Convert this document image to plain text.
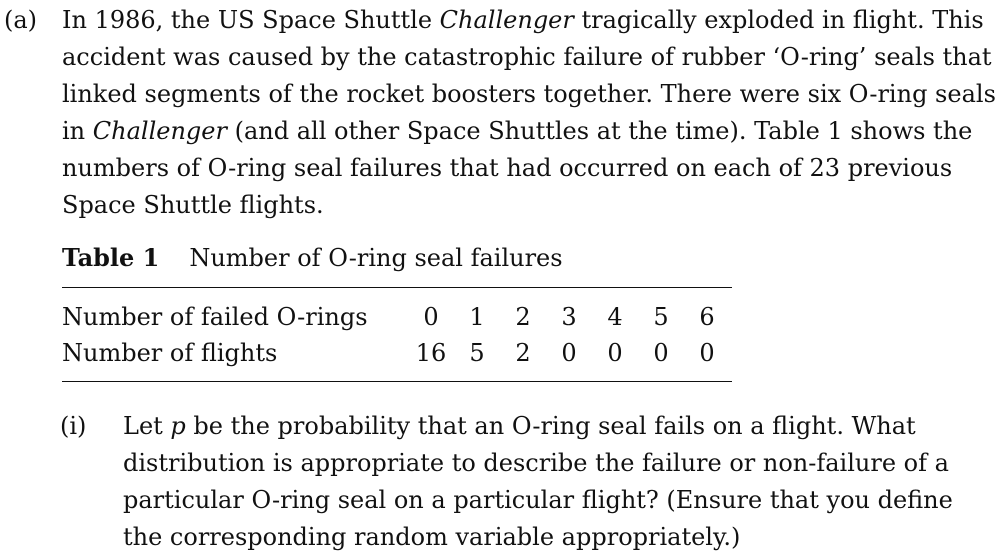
(a) In 1986, the US Space Shuttle Challenger tragically exploded in flight. This accident was caused by the catastrophic failure of rubber ‘O-ring’ seals that linked segments of the rocket boosters together. There were six O-ring seals in Challenger (and all other Space Shuttles at the time). Table 1 shows the numbers of O-ring seal failures that had occurred on each of 23 previous Space Shuttle flights.
Table 1 Number of O-ring seal failures
Number of failed O-rings	0	1	2	3	4	5	6
Number of flights	16	5	2	0	0	0	0
(i) Let p be the probability that an O-ring seal fails on a flight. What distribution is appropriate to describe the failure or non-failure of a particular O-ring seal on a particular flight? (Ensure that you define the corresponding random variable appropriately.)
